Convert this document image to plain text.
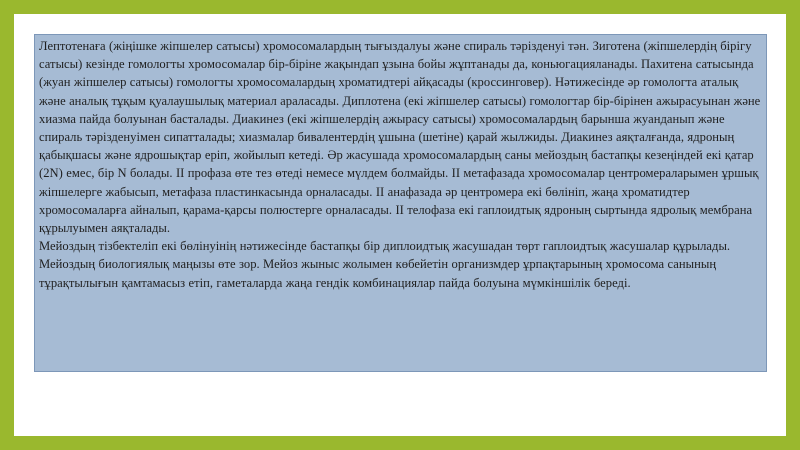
Лептотенаға (жіңішке жіпшелер сатысы) хромосомалардың тығыздалуы және спираль тәрізденуі тән. Зиготена (жіпшелердің бірігу сатысы) кезінде гомологты хромосомалар бір-біріне жақындап ұзына бойы жұптанады да, коньюгацияланады. Пахитена сатысында (жуан жіпшелер сатысы) гомологты хромосомалардың хроматидтері айқасады (кроссинговер). Нәтижесінде әр гомологта аталық және аналық тұқым қуалаушылық материал араласады. Диплотена (екі жіпшелер сатысы) гомологтар бір-бірінен ажырасуынан және хиазма пайда болуынан басталады. Диакинез (екі жіпшелердің ажырасу сатысы) хромосомалардың барынша жуанданып және спираль тәрізденуімен сипатталады; хиазмалар бивалентердің ұшына (шетіне) қарай жылжиды. Диакинез аяқталғанда, ядроның қабықшасы және ядрошықтар еріп, жойылып кетеді. Әр жасушада хромосомалардың саны мейоздың бастапқы кезеңіндей екі қатар (2N) емес, бір N болады. II профаза өте тез өтеді немесе мүлдем болмайды. II метафазада хромосомалар центромераларымен ұршық жіпшелерге жабысып, метафаза пластинкасында орналасады. II анафазада әр центромера екі бөлініп, жаңа хроматидтер хромосомаларға айналып, қарама-қарсы полюстерге орналасады. II телофаза екі гаплоидтық ядроның сыртында ядролық мембрана құрылуымен аяқталады.

Мейоздың тізбектеліп екі бөлінуінің нәтижесінде бастапқы бір диплоидтық жасушадан төрт гаплоидтық жасушалар құрылады. Мейоздың биологиялық маңызы өте зор. Мейоз жыныс жолымен көбейетін организмдер ұрпақтарының хромосома санының тұрақтылығын қамтамасыз етіп, гаметаларда жаңа гендік комбинациялар пайда болуына мүмкіншілік береді.
